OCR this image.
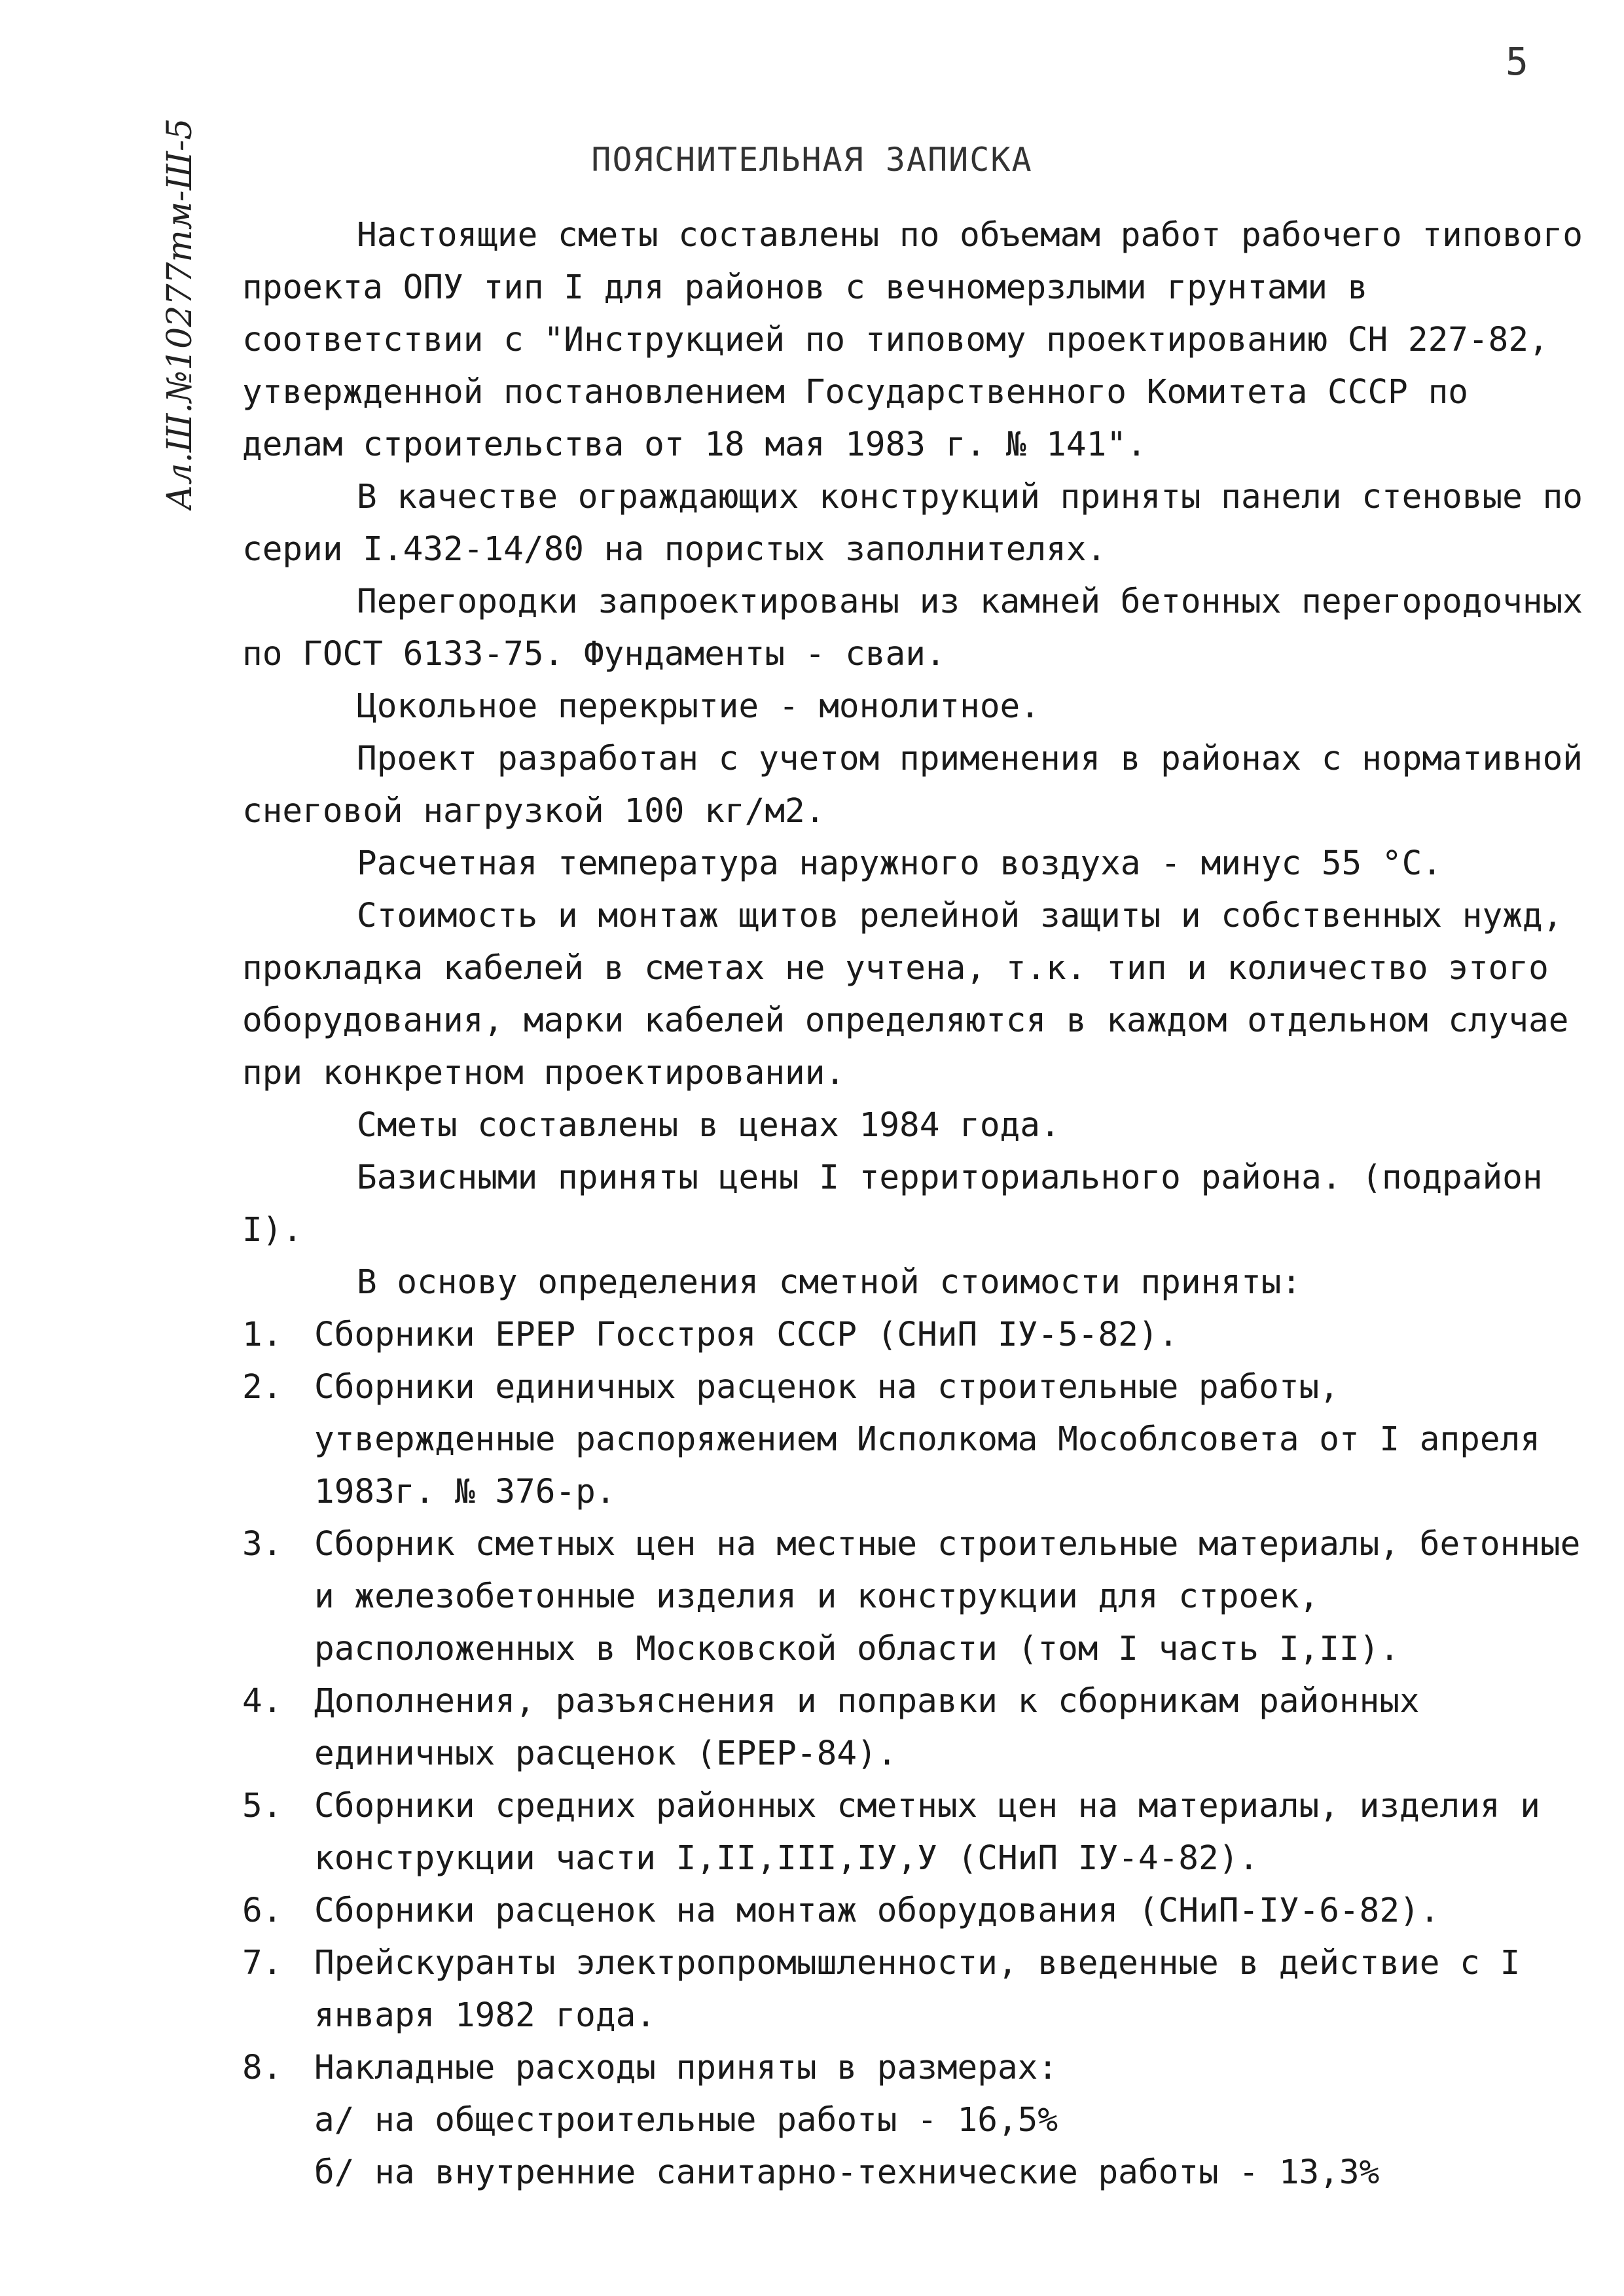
5
Ал.Ш.№10277тм-Ш-5	ПОЯСНИТЕЛЬНАЯ ЗАПИСКА

Настоящие сметы составлены по объемам работ рабочего типового проекта ОПУ тип I для районов с вечномерзлыми грунтами в соответствии с "Инструкцией по типовому проектированию СН 227-82, утвержденной постановлением Государственного Комитета СССР по делам строительства от 18 мая 1983 г. № 141".

В качестве ограждающих конструкций приняты панели стеновые по серии I.432-14/80 на пористых заполнителях.

Перегородки запроектированы из камней бетонных перегородочных по ГОСТ 6133-75. Фундаменты - сваи.

Цокольное перекрытие - монолитное.

Проект разработан с учетом применения в районах с нормативной снеговой нагрузкой 100 кг/м2.

Расчетная температура наружного воздуха - минус 55 °С.

Стоимость и монтаж щитов релейной защиты и собственных нужд, прокладка кабелей в сметах не учтена, т.к. тип и количество этого оборудования, марки кабелей определяются в каждом отдельном случае при конкретном проектировании.

Сметы составлены в ценах 1984 года.

Базисными приняты цены I территориального района. (подрайон I).

В основу определения сметной стоимости приняты:

1. Сборники ЕРЕР Госстроя СССР (СНиП IУ-5-82).
2. Сборники единичных расценок на строительные работы, утвержденные распоряжением Исполкома Мособлсовета от I апреля 1983г. № 376-р.
3. Сборник сметных цен на местные строительные материалы, бетонные и железобетонные изделия и конструкции для строек, расположенных в Московской области (том I часть I,II).
4. Дополнения, разъяснения и поправки к сборникам районных единичных расценок (ЕРЕР-84).
5. Сборники средних районных сметных цен на материалы, изделия и конструкции части I,II,III,IУ,У (СНиП IУ-4-82).
6. Сборники расценок на монтаж оборудования (СНиП-IУ-6-82).
7. Прейскуранты электропромышленности, введенные в действие с I января 1982 года.
8. Накладные расходы приняты в размерах:

а/ на общестроительные работы - 16,5%

б/ на внутренние санитарно-технические работы - 13,3%
